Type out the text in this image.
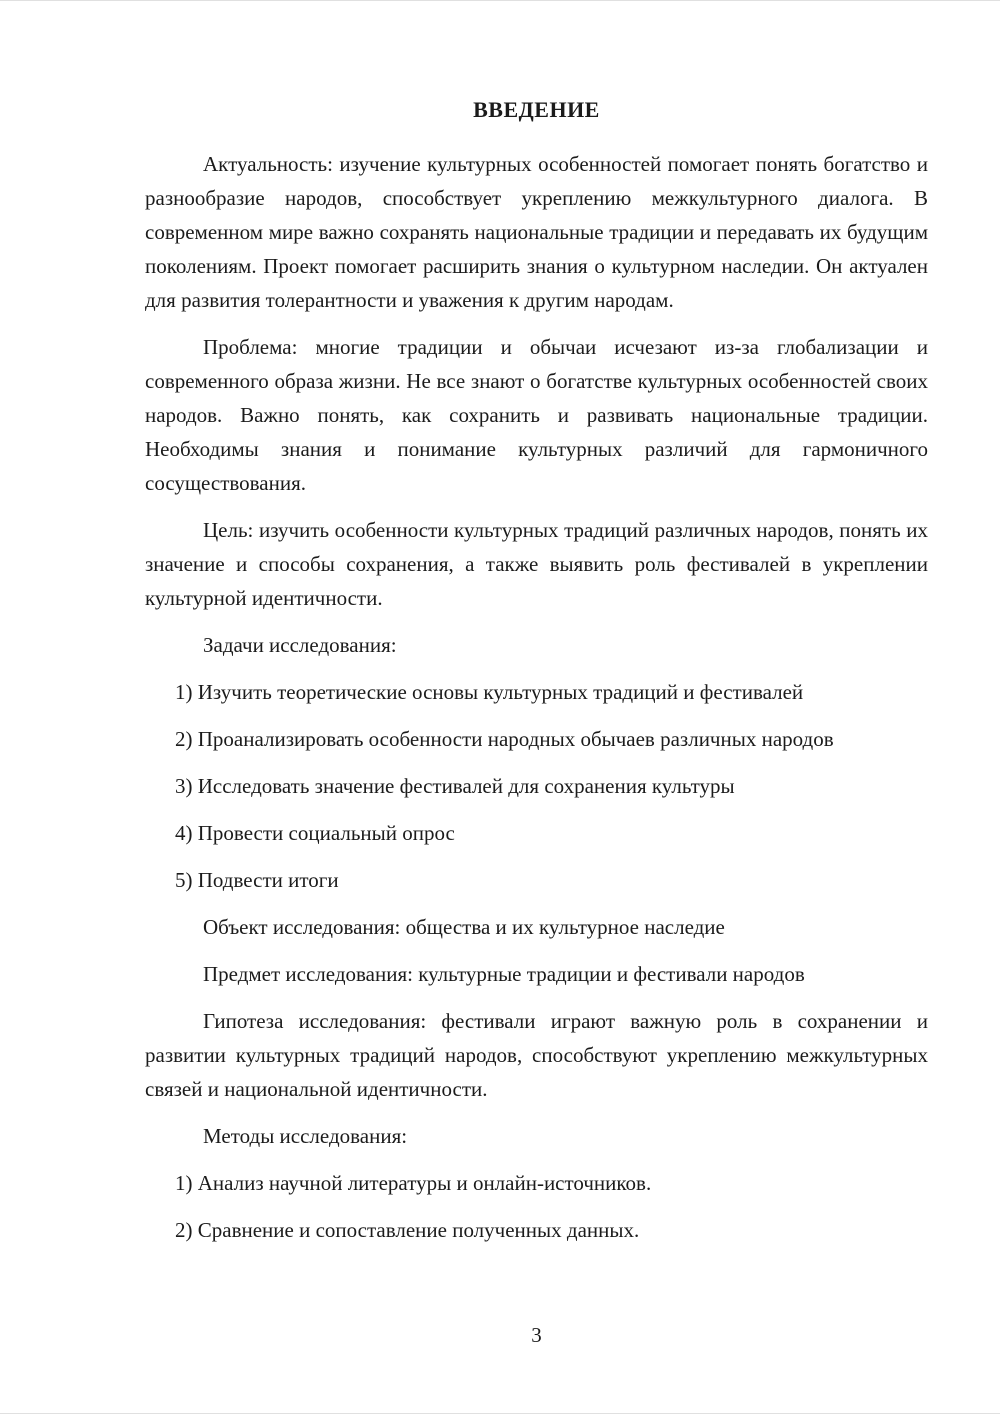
ВВЕДЕНИЕ

Актуальность: изучение культурных особенностей помогает понять богатство и разнообразие народов, способствует укреплению межкультурного диалога. В современном мире важно сохранять национальные традиции и передавать их будущим поколениям. Проект помогает расширить знания о культурном наследии. Он актуален для развития толерантности и уважения к другим народам.

Проблема: многие традиции и обычаи исчезают из-за глобализации и современного образа жизни. Не все знают о богатстве культурных особенностей своих народов. Важно понять, как сохранить и развивать национальные традиции. Необходимы знания и понимание культурных различий для гармоничного сосуществования.

Цель: изучить особенности культурных традиций различных народов, понять их значение и способы сохранения, а также выявить роль фестивалей в укреплении культурной идентичности.

Задачи исследования:

1) Изучить теоретические основы культурных традиций и фестивалей

2) Проанализировать особенности народных обычаев различных народов

3) Исследовать значение фестивалей для сохранения культуры

4) Провести социальный опрос

5) Подвести итоги

Объект исследования: общества и их культурное наследие

Предмет исследования: культурные традиции и фестивали народов

Гипотеза исследования: фестивали играют важную роль в сохранении и развитии культурных традиций народов, способствуют укреплению межкультурных связей и национальной идентичности.

Методы исследования:

1) Анализ научной литературы и онлайн-источников.

2) Сравнение и сопоставление полученных данных.

3
